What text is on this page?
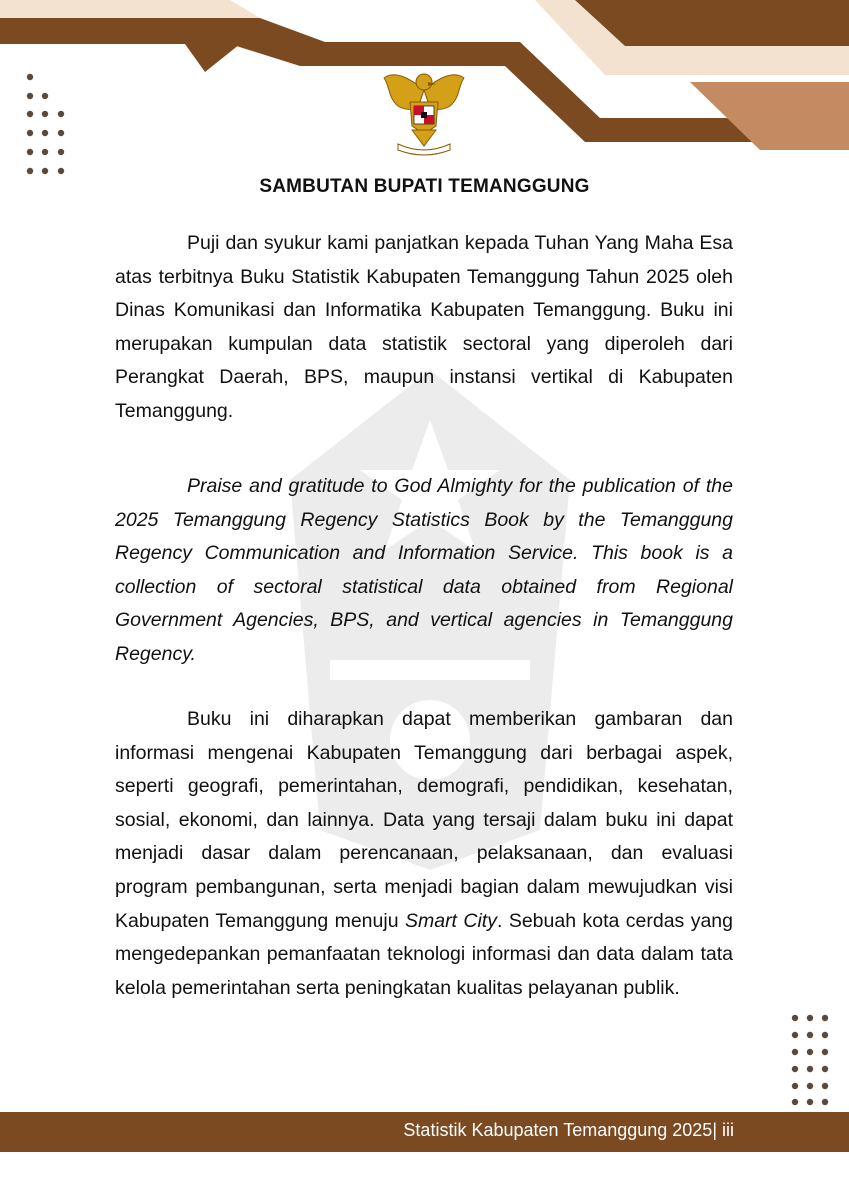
SAMBUTAN BUPATI TEMANGGUNG

Puji dan syukur kami panjatkan kepada Tuhan Yang Maha Esa atas terbitnya Buku Statistik Kabupaten Temanggung Tahun 2025 oleh Dinas Komunikasi dan Informatika Kabupaten Temanggung. Buku ini merupakan kumpulan data statistik sectoral yang diperoleh dari Perangkat Daerah, BPS, maupun instansi vertikal di Kabupaten Temanggung.

Praise and gratitude to God Almighty for the publication of the 2025 Temanggung Regency Statistics Book by the Temanggung Regency Communication and Information Service. This book is a collection of sectoral statistical data obtained from Regional Government Agencies, BPS, and vertical agencies in Temanggung Regency.

Buku ini diharapkan dapat memberikan gambaran dan informasi mengenai Kabupaten Temanggung dari berbagai aspek, seperti geografi, pemerintahan, demografi, pendidikan, kesehatan, sosial, ekonomi, dan lainnya. Data yang tersaji dalam buku ini dapat menjadi dasar dalam perencanaan, pelaksanaan, dan evaluasi program pembangunan, serta menjadi bagian dalam mewujudkan visi Kabupaten Temanggung menuju Smart City. Sebuah kota cerdas yang mengedepankan pemanfaatan teknologi informasi dan data dalam tata kelola pemerintahan serta peningkatan kualitas pelayanan publik.

Statistik Kabupaten Temanggung 2025| iii
